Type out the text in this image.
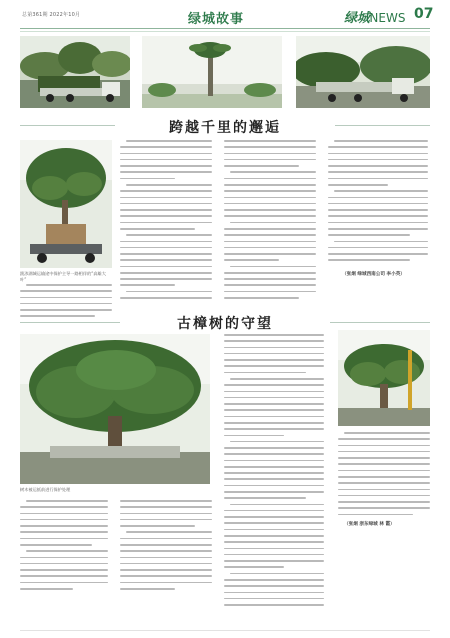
总第361期 2022年10月	绿城故事	绿城NEWS 07
跨越千里的邂逅
跋涉湖城运输途中保护主导一路相伴的“高雄大叶”
（张炯 绿城西南公司 李小英）
古樟树的守望
树木被运抵前进行保护处理
（张炯 浙东绿城 林 霞）
